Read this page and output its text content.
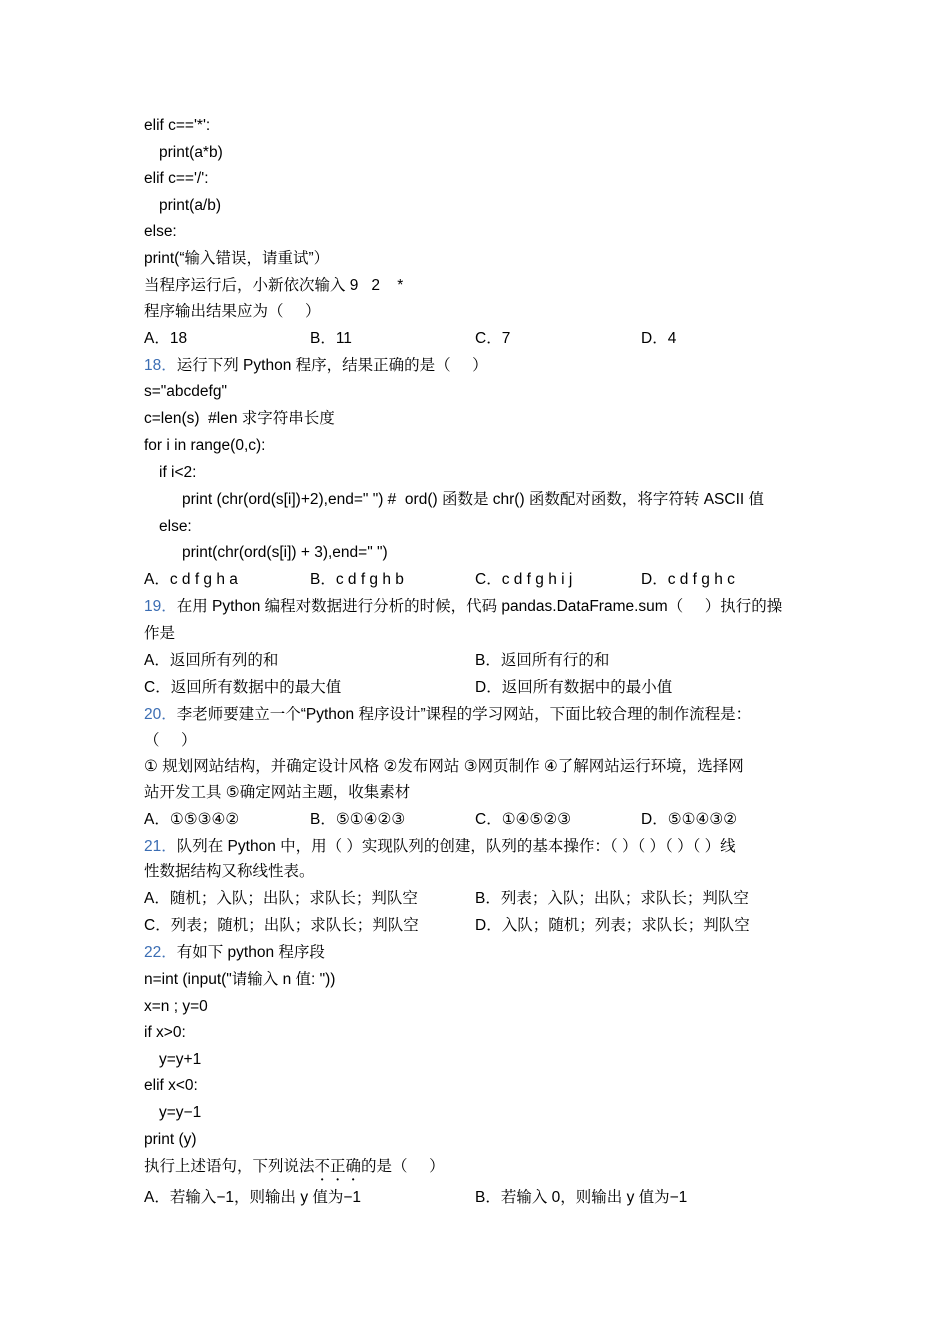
elif c=='*':
print(a*b)
elif c=='/':
print(a/b)
else:
print(“输入错误，请重试”）
当程序运行后，小新依次输入 9   2    *
程序输出结果应为（     ）
A．18	B．11	C．7	D．4
18．运行下列 Python 程序，结果正确的是（     ）
s="abcdefg"
c=len(s)  #len 求字符串长度
for i in range(0,c):
if i<2:
print (chr(ord(s[i])+2),end=" ") #  ord() 函数是 chr() 函数配对函数，将字符转 ASCII 值
else:
print(chr(ord(s[i]) + 3),end=" ")
A．c d f g h a	B．c d f g h b	C．c d f g h i j	D．c d f g h c
19．在用 Python 编程对数据进行分析的时候，代码 pandas.DataFrame.sum（     ）执行的操
作是
A．返回所有列的和	B．返回所有行的和
C．返回所有数据中的最大值	D．返回所有数据中的最小值
20．李老师要建立一个“Python 程序设计”课程的学习网站，下面比较合理的制作流程是：
（     ）
① 规划网站结构，并确定设计风格 ②发布网站 ③网页制作 ④了解网站运行环境，选择网
站开发工具 ⑤确定网站主题，收集素材
A．①⑤③④②	B．⑤①④②③	C．①④⑤②③	D．⑤①④③②
21．队列在 Python 中，用（ ）实现队列的创建，队列的基本操作：（ ）（ ）（ ）（ ）线
性数据结构又称线性表。
A．随机；入队；出队；求队长；判队空	B．列表；入队；出队；求队长；判队空
C．列表；随机；出队；求队长；判队空	D．入队；随机；列表；求队长；判队空
22．有如下 python 程序段
n=int (input("请输入 n 值: "))
x=n ; y=0
if x>0:
y=y+1
elif x<0:
y=y−1
print (y)
执行上述语句，下列说法不正确的是（     ）
A．若输入−1，则输出 y 值为−1	B．若输入 0，则输出 y 值为−1
